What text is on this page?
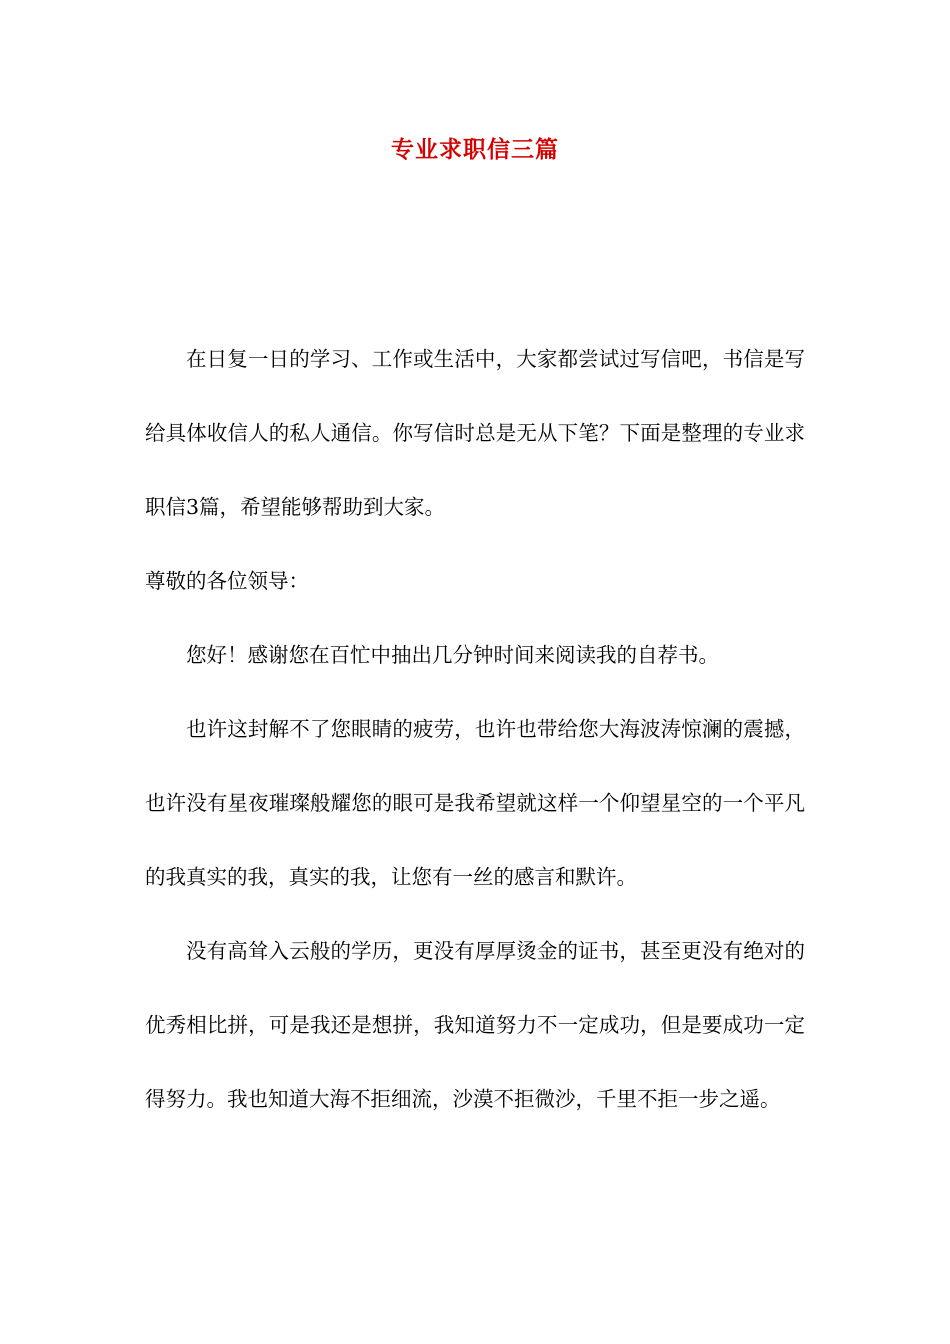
专业求职信三篇

在日复一日的学习、工作或生活中，大家都尝试过写信吧，书信是写给具体收信人的私人通信。你写信时总是无从下笔？下面是整理的专业求职信3篇，希望能够帮助到大家。

尊敬的各位领导：

您好！感谢您在百忙中抽出几分钟时间来阅读我的自荐书。

也许这封解不了您眼睛的疲劳，也许也带给您大海波涛惊澜的震撼，也许没有星夜璀璨般耀您的眼可是我希望就这样一个仰望星空的一个平凡的我真实的我，真实的我，让您有一丝的感言和默许。

没有高耸入云般的学历，更没有厚厚烫金的证书，甚至更没有绝对的优秀相比拼，可是我还是想拼，我知道努力不一定成功，但是要成功一定得努力。我也知道大海不拒细流，沙漠不拒微沙，千里不拒一步之遥。
